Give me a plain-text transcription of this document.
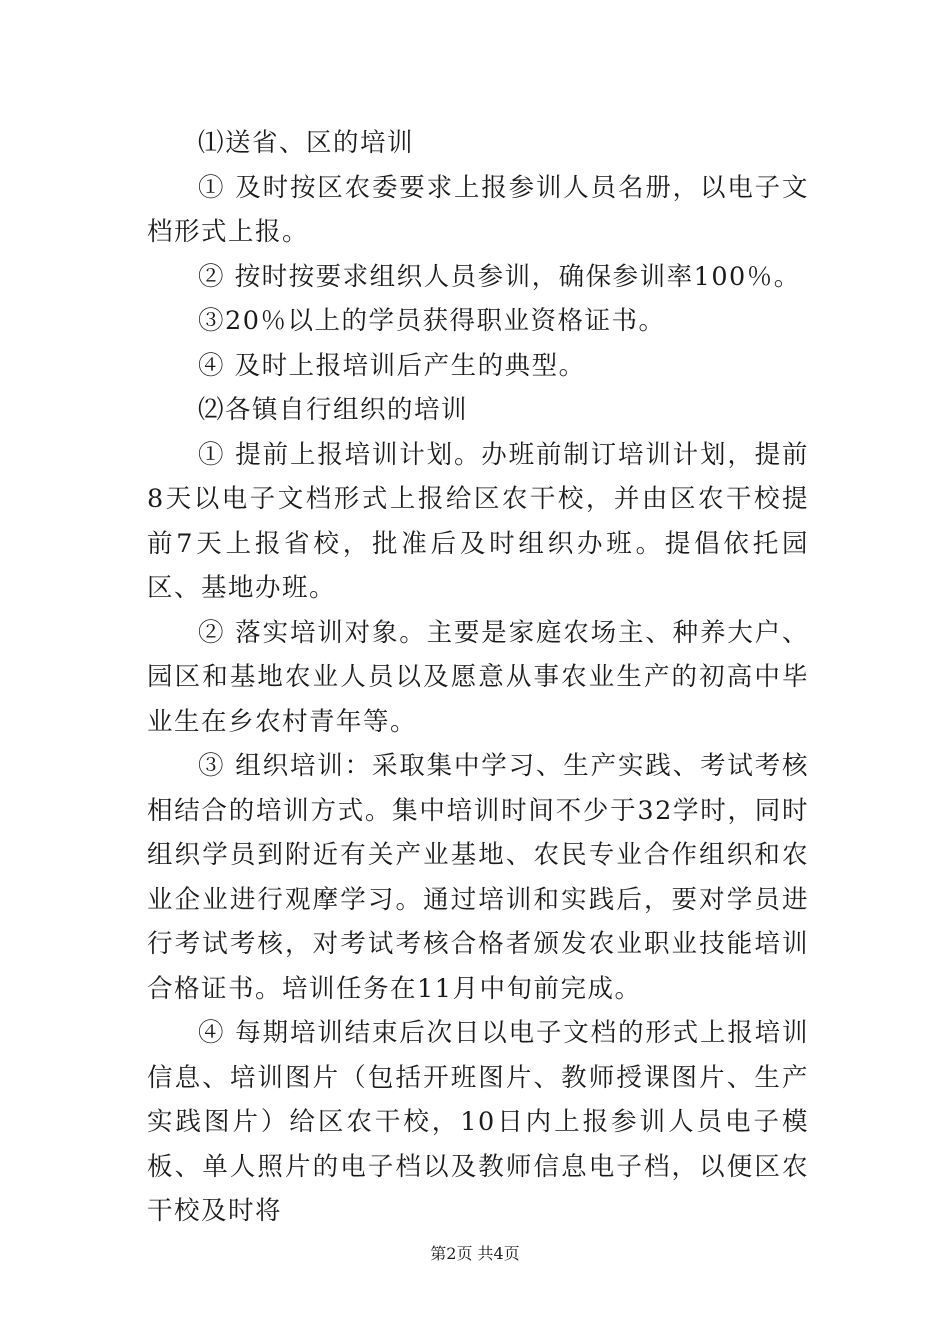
⑴送省、区的培训

① 及时按区农委要求上报参训人员名册，以电子文档形式上报。

② 按时按要求组织人员参训，确保参训率100％。

③20％以上的学员获得职业资格证书。

④ 及时上报培训后产生的典型。

⑵各镇自行组织的培训

① 提前上报培训计划。办班前制订培训计划，提前8天以电子文档形式上报给区农干校，并由区农干校提前7天上报省校，批准后及时组织办班。提倡依托园区、基地办班。

② 落实培训对象。主要是家庭农场主、种养大户、园区和基地农业人员以及愿意从事农业生产的初高中毕业生在乡农村青年等。

③ 组织培训：采取集中学习、生产实践、考试考核相结合的培训方式。集中培训时间不少于32学时，同时组织学员到附近有关产业基地、农民专业合作组织和农业企业进行观摩学习。通过培训和实践后，要对学员进行考试考核，对考试考核合格者颁发农业职业技能培训合格证书。培训任务在11月中旬前完成。

④ 每期培训结束后次日以电子文档的形式上报培训信息、培训图片（包括开班图片、教师授课图片、生产实践图片）给区农干校，10日内上报参训人员电子模板、单人照片的电子档以及教师信息电子档，以便区农干校及时将

第2页 共4页
